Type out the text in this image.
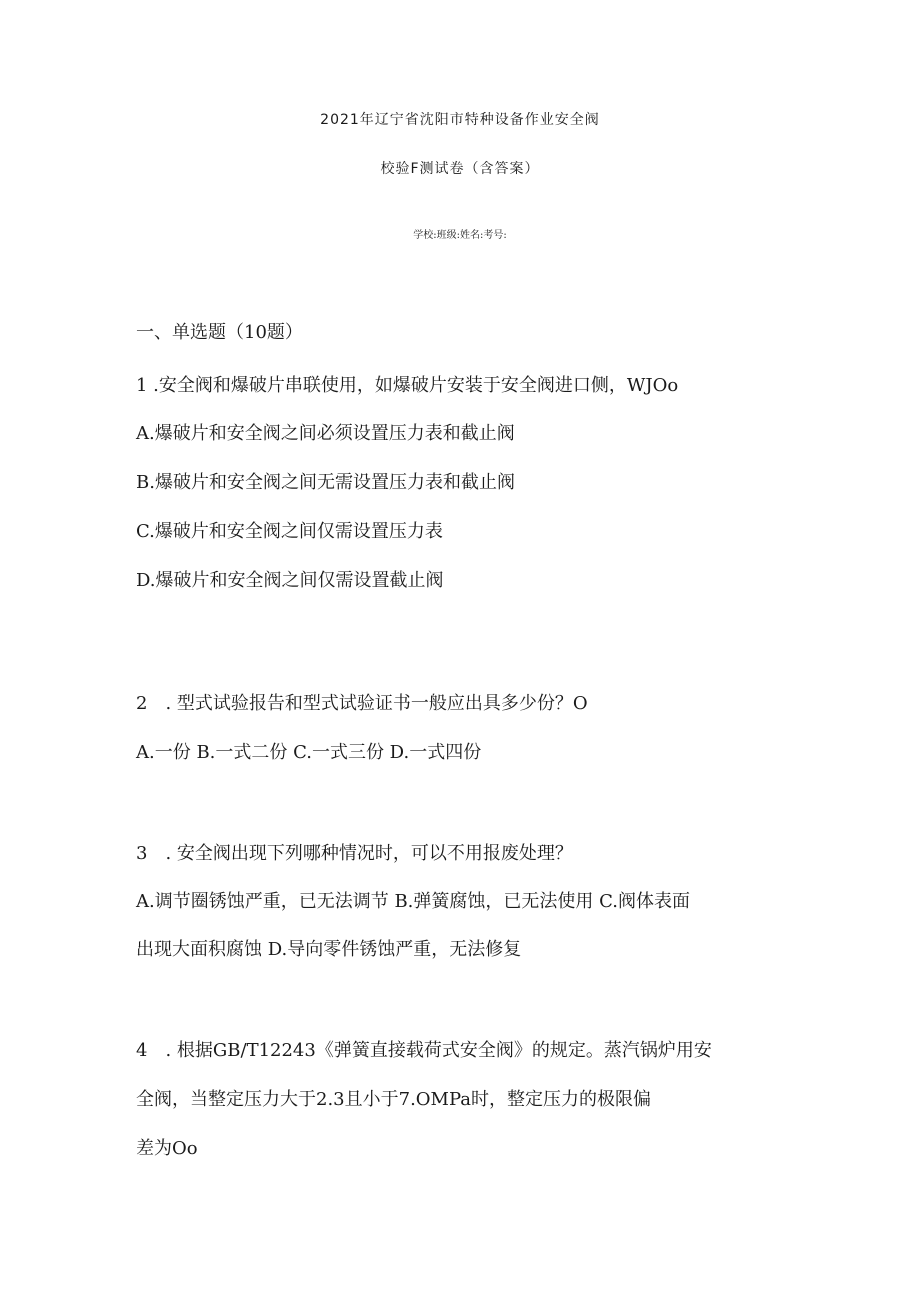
2021年辽宁省沈阳市特种设备作业安全阀
校验F测试卷（含答案）
学校:班级:姓名:考号:
一、单选题（10题）
1 .安全阀和爆破片串联使用，如爆破片安装于安全阀进口侧，WJOo
A.爆破片和安全阀之间必须设置压力表和截止阀
B.爆破片和安全阀之间无需设置压力表和截止阀
C.爆破片和安全阀之间仅需设置压力表
D.爆破片和安全阀之间仅需设置截止阀
2　. 型式试验报告和型式试验证书一般应出具多少份？O
A.一份 B.一式二份 C.一式三份 D.一式四份
3　. 安全阀出现下列哪种情况时，可以不用报废处理？
A.调节圈锈蚀严重，已无法调节 B.弹簧腐蚀，已无法使用 C.阀体表面
出现大面积腐蚀 D.导向零件锈蚀严重，无法修复
4　. 根据GB/T12243《弹簧直接载荷式安全阀》的规定。蒸汽锅炉用安
全阀，当整定压力大于2.3且小于7.OMPa时，整定压力的极限偏
差为Oo
